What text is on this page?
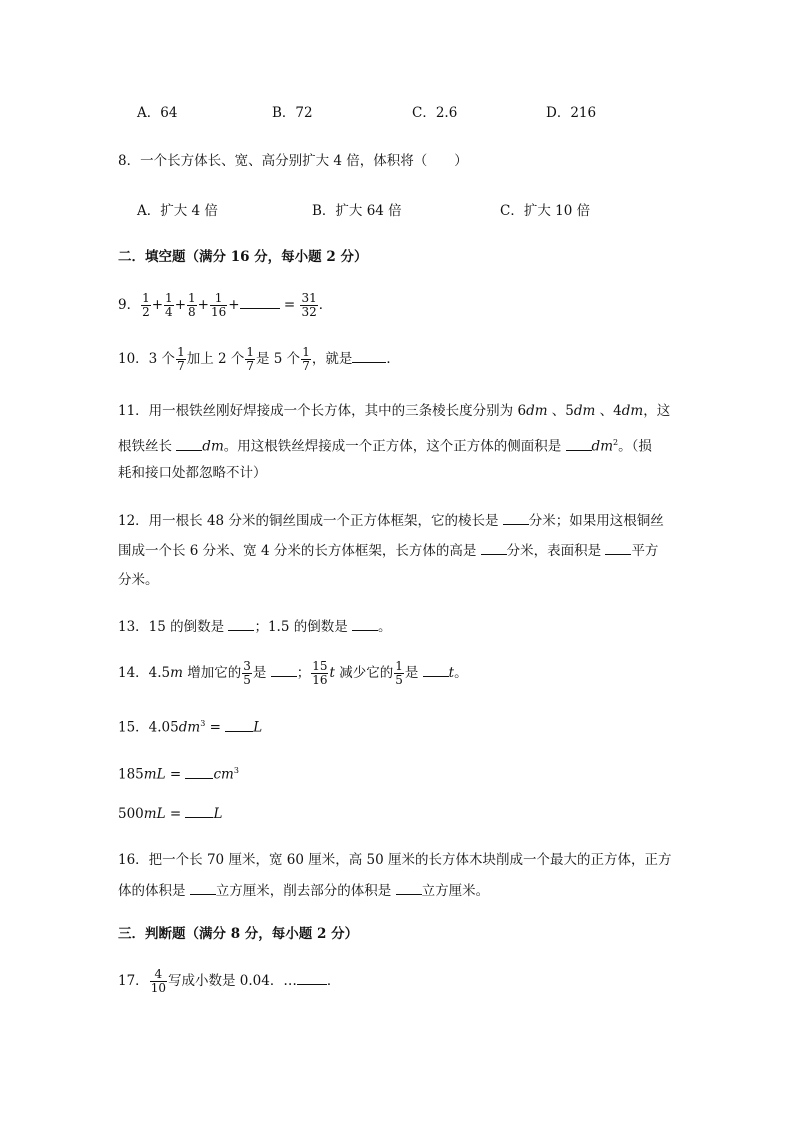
A．64	B．72	C．2.6	D．216
8．一个长方体长、宽、高分别扩大 4 倍，体积将（　　）
A．扩大 4 倍	B．扩大 64 倍	C．扩大 10 倍
二．填空题（满分 16 分，每小题 2 分）
9． $\frac{1}{2} + \frac{1}{4} + \frac{1}{8} + \frac{1}{16}$ +	= $\frac{31}{32}$ ．
10．3 个 $\frac{1}{7}$ 加上 2 个 $\frac{1}{7}$ 是 5 个 $\frac{1}{7}$ ，就是	．
11．用一根铁丝刚好焊接成一个长方体，其中的三条棱长度分别为 6dm 、5dm 、4dm，这
根铁丝长 dm。用这根铁丝焊接成一个正方体，这个正方体的侧面积是 $dm^2$。（损
耗和接口处都忽略不计）
12．用一根长 48 分米的铜丝围成一个正方体框架，它的棱长是 分米；如果用这根铜丝
围成一个长 6 分米、宽 4 分米的长方体框架，长方体的高是 分米，表面积是 平方
分米。
13．15 的倒数是 ；1.5 的倒数是 。
14．4.5m 增加它的 $\frac{3}{5}$ 是 ； $\frac{15}{16}$ t 减少它的 $\frac{1}{5}$ 是 t。
15．$4.05dm^3 = L$
$185mL = cm^3$
500mL = L
16．把一个长 70 厘米，宽 60 厘米，高 50 厘米的长方体木块削成一个最大的正方体，正方
体的体积是 立方厘米，削去部分的体积是 立方厘米。
三．判断题（满分 8 分，每小题 2 分）
17． $\frac{4}{10}$ 写成小数是 0.04．… ．
